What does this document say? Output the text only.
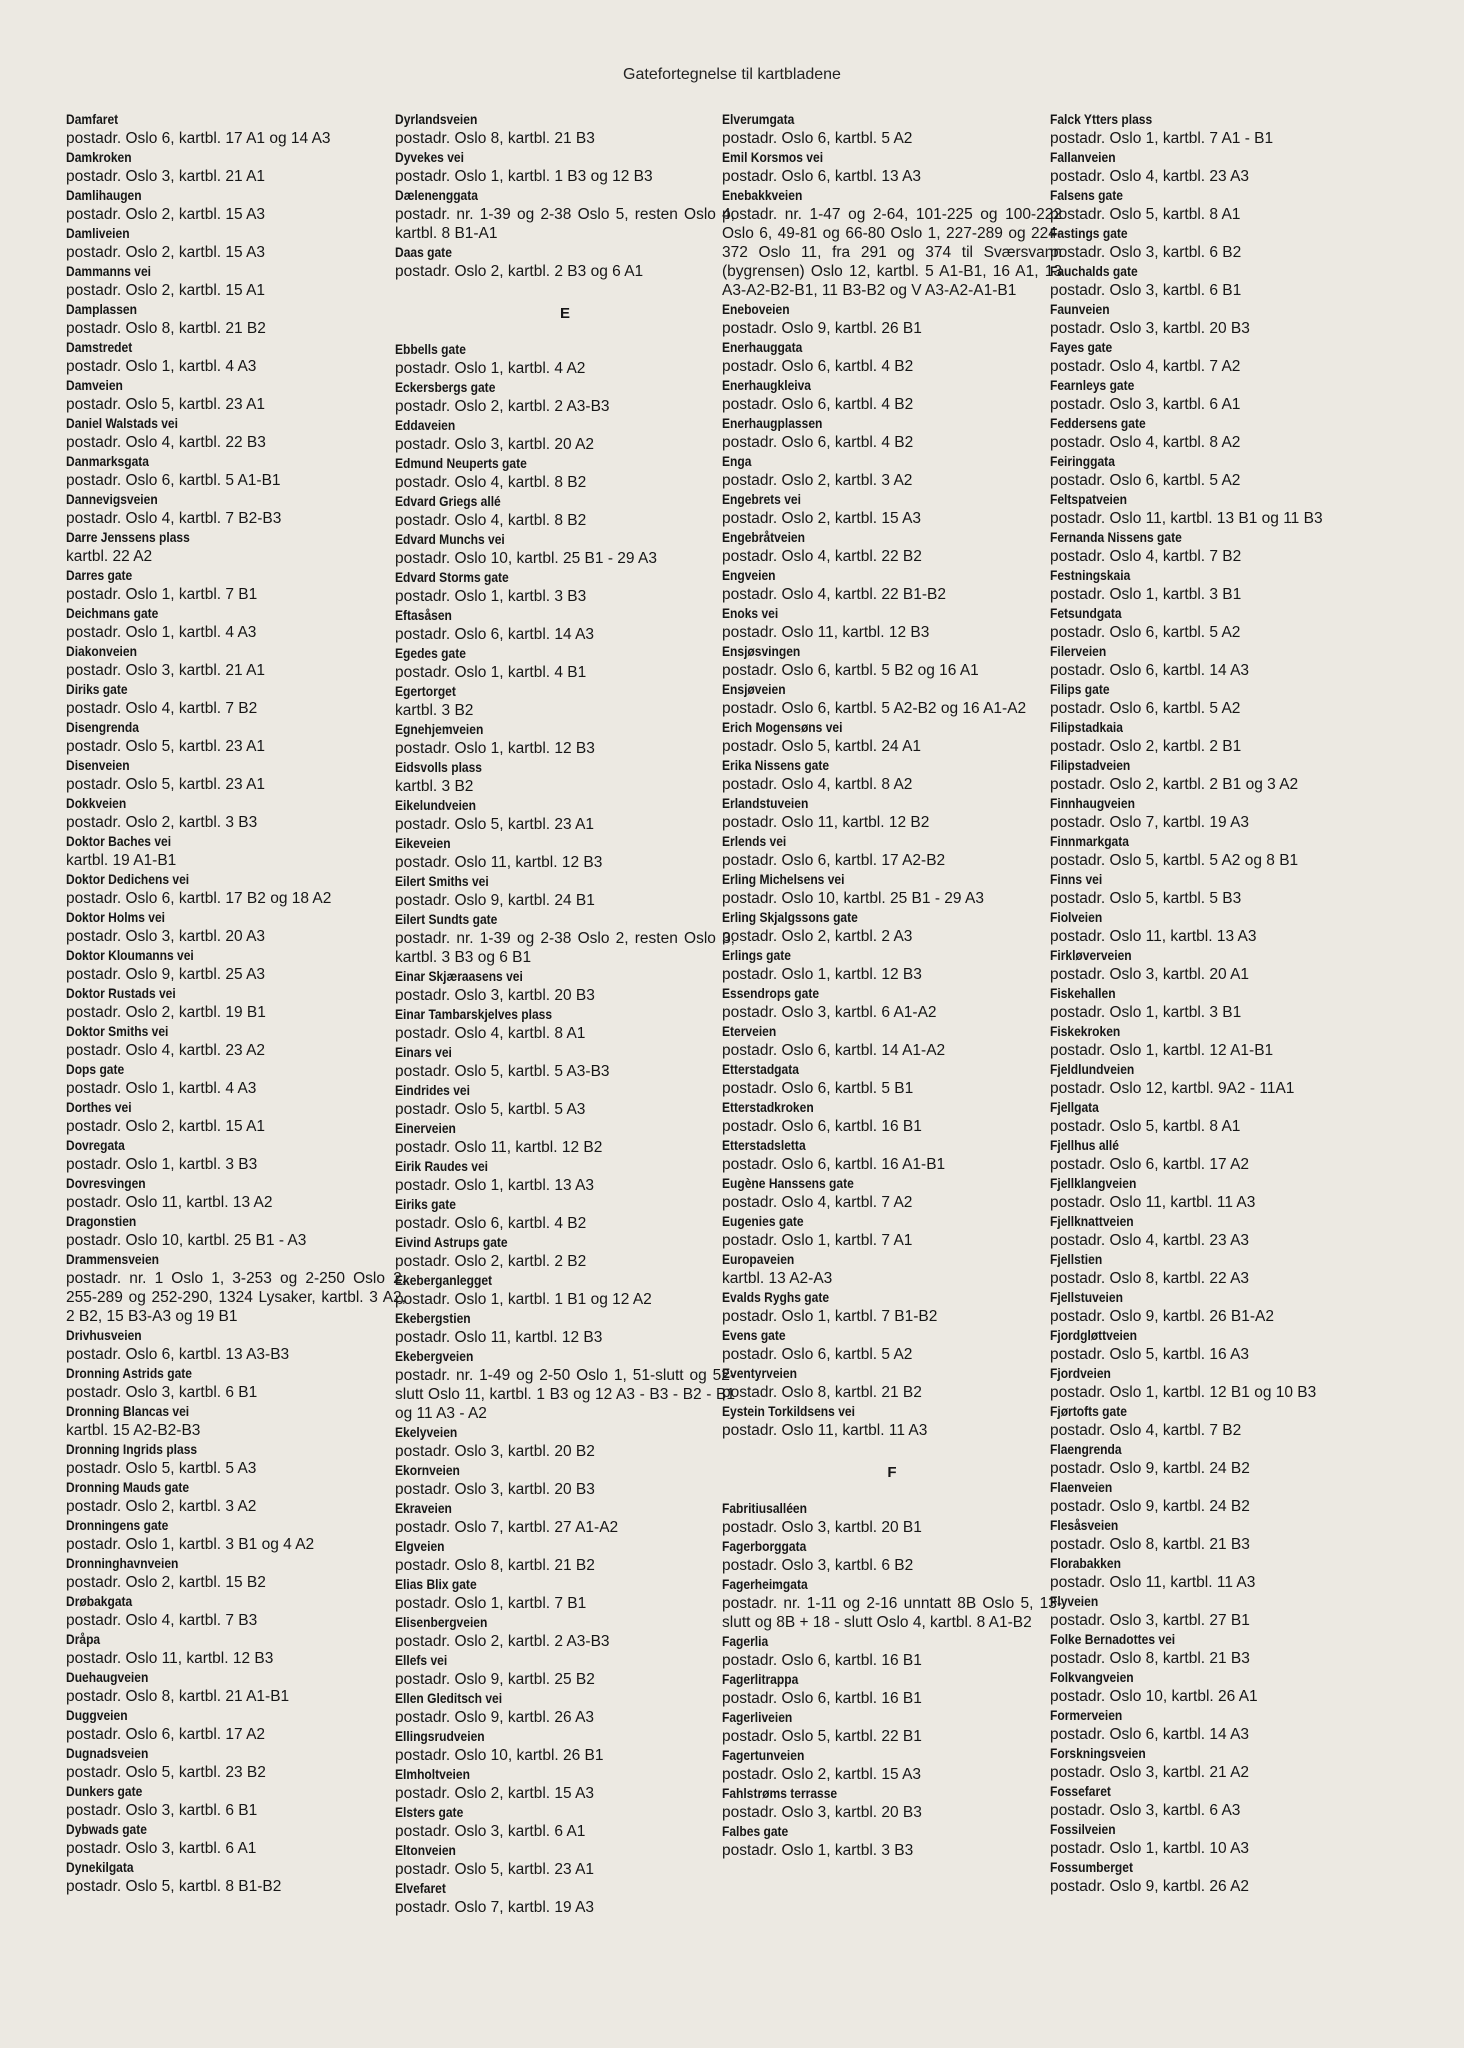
Gatefortegnelse til kartbladene
Damfaret
postadr. Oslo 6, kartbl. 17 A1 og 14 A3
Damkroken
postadr. Oslo 3, kartbl. 21 A1
Damlihaugen
postadr. Oslo 2, kartbl. 15 A3
Damliveien
postadr. Oslo 2, kartbl. 15 A3
Dammanns vei
postadr. Oslo 2, kartbl. 15 A1
Damplassen
postadr. Oslo 8, kartbl. 21 B2
Damstredet
postadr. Oslo 1, kartbl. 4 A3
Damveien
postadr. Oslo 5, kartbl. 23 A1
Daniel Walstads vei
postadr. Oslo 4, kartbl. 22 B3
Danmarksgata
postadr. Oslo 6, kartbl. 5 A1-B1
Dannevigsveien
postadr. Oslo 4, kartbl. 7 B2-B3
Darre Jenssens plass
kartbl. 22 A2
Darres gate
postadr. Oslo 1, kartbl. 7 B1
Deichmans gate
postadr. Oslo 1, kartbl. 4 A3
Diakonveien
postadr. Oslo 3, kartbl. 21 A1
Diriks gate
postadr. Oslo 4, kartbl. 7 B2
Disengrenda
postadr. Oslo 5, kartbl. 23 A1
Disenveien
postadr. Oslo 5, kartbl. 23 A1
Dokkveien
postadr. Oslo 2, kartbl. 3 B3
Doktor Baches vei
kartbl. 19 A1-B1
Doktor Dedichens vei
postadr. Oslo 6, kartbl. 17 B2 og 18 A2
Doktor Holms vei
postadr. Oslo 3, kartbl. 20 A3
Doktor Kloumanns vei
postadr. Oslo 9, kartbl. 25 A3
Doktor Rustads vei
postadr. Oslo 2, kartbl. 19 B1
Doktor Smiths vei
postadr. Oslo 4, kartbl. 23 A2
Dops gate
postadr. Oslo 1, kartbl. 4 A3
Dorthes vei
postadr. Oslo 2, kartbl. 15 A1
Dovregata
postadr. Oslo 1, kartbl. 3 B3
Dovresvingen
postadr. Oslo 11, kartbl. 13 A2
Dragonstien
postadr. Oslo 10, kartbl. 25 B1 - A3
Drammensveien
postadr. nr. 1 Oslo 1, 3-253 og 2-250 Oslo 2, 255-289 og 252-290, 1324 Lysaker, kartbl. 3 A2, 2 B2, 15 B3-A3 og 19 B1
Drivhusveien
postadr. Oslo 6, kartbl. 13 A3-B3
Dronning Astrids gate
postadr. Oslo 3, kartbl. 6 B1
Dronning Blancas vei
kartbl. 15 A2-B2-B3
Dronning Ingrids plass
postadr. Oslo 5, kartbl. 5 A3
Dronning Mauds gate
postadr. Oslo 2, kartbl. 3 A2
Dronningens gate
postadr. Oslo 1, kartbl. 3 B1 og 4 A2
Dronninghavnveien
postadr. Oslo 2, kartbl. 15 B2
Drøbakgata
postadr. Oslo 4, kartbl. 7 B3
Dråpa
postadr. Oslo 11, kartbl. 12 B3
Duehaugveien
postadr. Oslo 8, kartbl. 21 A1-B1
Duggveien
postadr. Oslo 6, kartbl. 17 A2
Dugnadsveien
postadr. Oslo 5, kartbl. 23 B2
Dunkers gate
postadr. Oslo 3, kartbl. 6 B1
Dybwads gate
postadr. Oslo 3, kartbl. 6 A1
Dynekilgata
postadr. Oslo 5, kartbl. 8 B1-B2
Dyrlandsveien
postadr. Oslo 8, kartbl. 21 B3
Dyvekes vei
postadr. Oslo 1, kartbl. 1 B3 og 12 B3
Dælenenggata
postadr. nr. 1-39 og 2-38 Oslo 5, resten Oslo 4, kartbl. 8 B1-A1
Daas gate
postadr. Oslo 2, kartbl. 2 B3 og 6 A1
E
Ebbells gate
postadr. Oslo 1, kartbl. 4 A2
Eckersbergs gate
postadr. Oslo 2, kartbl. 2 A3-B3
Eddaveien
postadr. Oslo 3, kartbl. 20 A2
Edmund Neuperts gate
postadr. Oslo 4, kartbl. 8 B2
Edvard Griegs allé
postadr. Oslo 4, kartbl. 8 B2
Edvard Munchs vei
postadr. Oslo 10, kartbl. 25 B1 - 29 A3
Edvard Storms gate
postadr. Oslo 1, kartbl. 3 B3
Eftasåsen
postadr. Oslo 6, kartbl. 14 A3
Egedes gate
postadr. Oslo 1, kartbl. 4 B1
Egertorget
kartbl. 3 B2
Egnehjemveien
postadr. Oslo 1, kartbl. 12 B3
Eidsvolls plass
kartbl. 3 B2
Eikelundveien
postadr. Oslo 5, kartbl. 23 A1
Eikeveien
postadr. Oslo 11, kartbl. 12 B3
Eilert Smiths vei
postadr. Oslo 9, kartbl. 24 B1
Eilert Sundts gate
postadr. nr. 1-39 og 2-38 Oslo 2, resten Oslo 3, kartbl. 3 B3 og 6 B1
Einar Skjæraasens vei
postadr. Oslo 3, kartbl. 20 B3
Einar Tambarskjelves plass
postadr. Oslo 4, kartbl. 8 A1
Einars vei
postadr. Oslo 5, kartbl. 5 A3-B3
Eindrides vei
postadr. Oslo 5, kartbl. 5 A3
Einerveien
postadr. Oslo 11, kartbl. 12 B2
Eirik Raudes vei
postadr. Oslo 1, kartbl. 13 A3
Eiriks gate
postadr. Oslo 6, kartbl. 4 B2
Eivind Astrups gate
postadr. Oslo 2, kartbl. 2 B2
Ekeberganlegget
postadr. Oslo 1, kartbl. 1 B1 og 12 A2
Ekebergstien
postadr. Oslo 11, kartbl. 12 B3
Ekebergveien
postadr. nr. 1-49 og 2-50 Oslo 1, 51-slutt og 52-slutt Oslo 11, kartbl. 1 B3 og 12 A3 - B3 - B2 - B1 og 11 A3 - A2
Ekelyveien
postadr. Oslo 3, kartbl. 20 B2
Ekornveien
postadr. Oslo 3, kartbl. 20 B3
Ekraveien
postadr. Oslo 7, kartbl. 27 A1-A2
Elgveien
postadr. Oslo 8, kartbl. 21 B2
Elias Blix gate
postadr. Oslo 1, kartbl. 7 B1
Elisenbergveien
postadr. Oslo 2, kartbl. 2 A3-B3
Ellefs vei
postadr. Oslo 9, kartbl. 25 B2
Ellen Gleditsch vei
postadr. Oslo 9, kartbl. 26 A3
Ellingsrudveien
postadr. Oslo 10, kartbl. 26 B1
Elmholtveien
postadr. Oslo 2, kartbl. 15 A3
Elsters gate
postadr. Oslo 3, kartbl. 6 A1
Eltonveien
postadr. Oslo 5, kartbl. 23 A1
Elvefaret
postadr. Oslo 7, kartbl. 19 A3
Elverumgata
postadr. Oslo 6, kartbl. 5 A2
Emil Korsmos vei
postadr. Oslo 6, kartbl. 13 A3
Enebakkveien
postadr. nr. 1-47 og 2-64, 101-225 og 100-222 Oslo 6, 49-81 og 66-80 Oslo 1, 227-289 og 224-372 Oslo 11, fra 291 og 374 til Sværsvann (bygrensen) Oslo 12, kartbl. 5 A1-B1, 16 A1, 13 A3-A2-B2-B1, 11 B3-B2 og V A3-A2-A1-B1
Eneboveien
postadr. Oslo 9, kartbl. 26 B1
Enerhauggata
postadr. Oslo 6, kartbl. 4 B2
Enerhaugkleiva
postadr. Oslo 6, kartbl. 4 B2
Enerhaugplassen
postadr. Oslo 6, kartbl. 4 B2
Enga
postadr. Oslo 2, kartbl. 3 A2
Engebrets vei
postadr. Oslo 2, kartbl. 15 A3
Engebråtveien
postadr. Oslo 4, kartbl. 22 B2
Engveien
postadr. Oslo 4, kartbl. 22 B1-B2
Enoks vei
postadr. Oslo 11, kartbl. 12 B3
Ensjøsvingen
postadr. Oslo 6, kartbl. 5 B2 og 16 A1
Ensjøveien
postadr. Oslo 6, kartbl. 5 A2-B2 og 16 A1-A2
Erich Mogensøns vei
postadr. Oslo 5, kartbl. 24 A1
Erika Nissens gate
postadr. Oslo 4, kartbl. 8 A2
Erlandstuveien
postadr. Oslo 11, kartbl. 12 B2
Erlends vei
postadr. Oslo 6, kartbl. 17 A2-B2
Erling Michelsens vei
postadr. Oslo 10, kartbl. 25 B1 - 29 A3
Erling Skjalgssons gate
postadr. Oslo 2, kartbl. 2 A3
Erlings gate
postadr. Oslo 1, kartbl. 12 B3
Essendrops gate
postadr. Oslo 3, kartbl. 6 A1-A2
Eterveien
postadr. Oslo 6, kartbl. 14 A1-A2
Etterstadgata
postadr. Oslo 6, kartbl. 5 B1
Etterstadkroken
postadr. Oslo 6, kartbl. 16 B1
Etterstadsletta
postadr. Oslo 6, kartbl. 16 A1-B1
Eugène Hanssens gate
postadr. Oslo 4, kartbl. 7 A2
Eugenies gate
postadr. Oslo 1, kartbl. 7 A1
Europaveien
kartbl. 13 A2-A3
Evalds Ryghs gate
postadr. Oslo 1, kartbl. 7 B1-B2
Evens gate
postadr. Oslo 6, kartbl. 5 A2
Eventyrveien
postadr. Oslo 8, kartbl. 21 B2
Eystein Torkildsens vei
postadr. Oslo 11, kartbl. 11 A3
F
Fabritiusalléen
postadr. Oslo 3, kartbl. 20 B1
Fagerborggata
postadr. Oslo 3, kartbl. 6 B2
Fagerheimgata
postadr. nr. 1-11 og 2-16 unntatt 8B Oslo 5, 13-slutt og 8B + 18 - slutt Oslo 4, kartbl. 8 A1-B2
Fagerlia
postadr. Oslo 6, kartbl. 16 B1
Fagerlitrappa
postadr. Oslo 6, kartbl. 16 B1
Fagerliveien
postadr. Oslo 5, kartbl. 22 B1
Fagertunveien
postadr. Oslo 2, kartbl. 15 A3
Fahlstrøms terrasse
postadr. Oslo 3, kartbl. 20 B3
Falbes gate
postadr. Oslo 1, kartbl. 3 B3
Falck Ytters plass
postadr. Oslo 1, kartbl. 7 A1 - B1
Fallanveien
postadr. Oslo 4, kartbl. 23 A3
Falsens gate
postadr. Oslo 5, kartbl. 8 A1
Fastings gate
postadr. Oslo 3, kartbl. 6 B2
Fauchalds gate
postadr. Oslo 3, kartbl. 6 B1
Faunveien
postadr. Oslo 3, kartbl. 20 B3
Fayes gate
postadr. Oslo 4, kartbl. 7 A2
Fearnleys gate
postadr. Oslo 3, kartbl. 6 A1
Feddersens gate
postadr. Oslo 4, kartbl. 8 A2
Feiringgata
postadr. Oslo 6, kartbl. 5 A2
Feltspatveien
postadr. Oslo 11, kartbl. 13 B1 og 11 B3
Fernanda Nissens gate
postadr. Oslo 4, kartbl. 7 B2
Festningskaia
postadr. Oslo 1, kartbl. 3 B1
Fetsundgata
postadr. Oslo 6, kartbl. 5 A2
Filerveien
postadr. Oslo 6, kartbl. 14 A3
Filips gate
postadr. Oslo 6, kartbl. 5 A2
Filipstadkaia
postadr. Oslo 2, kartbl. 2 B1
Filipstadveien
postadr. Oslo 2, kartbl. 2 B1 og 3 A2
Finnhaugveien
postadr. Oslo 7, kartbl. 19 A3
Finnmarkgata
postadr. Oslo 5, kartbl. 5 A2 og 8 B1
Finns vei
postadr. Oslo 5, kartbl. 5 B3
Fiolveien
postadr. Oslo 11, kartbl. 13 A3
Firkløverveien
postadr. Oslo 3, kartbl. 20 A1
Fiskehallen
postadr. Oslo 1, kartbl. 3 B1
Fiskekroken
postadr. Oslo 1, kartbl. 12 A1-B1
Fjeldlundveien
postadr. Oslo 12, kartbl. 9A2 - 11A1
Fjellgata
postadr. Oslo 5, kartbl. 8 A1
Fjellhus allé
postadr. Oslo 6, kartbl. 17 A2
Fjellklangveien
postadr. Oslo 11, kartbl. 11 A3
Fjellknattveien
postadr. Oslo 4, kartbl. 23 A3
Fjellstien
postadr. Oslo 8, kartbl. 22 A3
Fjellstuveien
postadr. Oslo 9, kartbl. 26 B1-A2
Fjordgløttveien
postadr. Oslo 5, kartbl. 16 A3
Fjordveien
postadr. Oslo 1, kartbl. 12 B1 og 10 B3
Fjørtofts gate
postadr. Oslo 4, kartbl. 7 B2
Flaengrenda
postadr. Oslo 9, kartbl. 24 B2
Flaenveien
postadr. Oslo 9, kartbl. 24 B2
Flesåsveien
postadr. Oslo 8, kartbl. 21 B3
Florabakken
postadr. Oslo 11, kartbl. 11 A3
Flyveien
postadr. Oslo 3, kartbl. 27 B1
Folke Bernadottes vei
postadr. Oslo 8, kartbl. 21 B3
Folkvangveien
postadr. Oslo 10, kartbl. 26 A1
Formerveien
postadr. Oslo 6, kartbl. 14 A3
Forskningsveien
postadr. Oslo 3, kartbl. 21 A2
Fossefaret
postadr. Oslo 3, kartbl. 6 A3
Fossilveien
postadr. Oslo 1, kartbl. 10 A3
Fossumberget
postadr. Oslo 9, kartbl. 26 A2
